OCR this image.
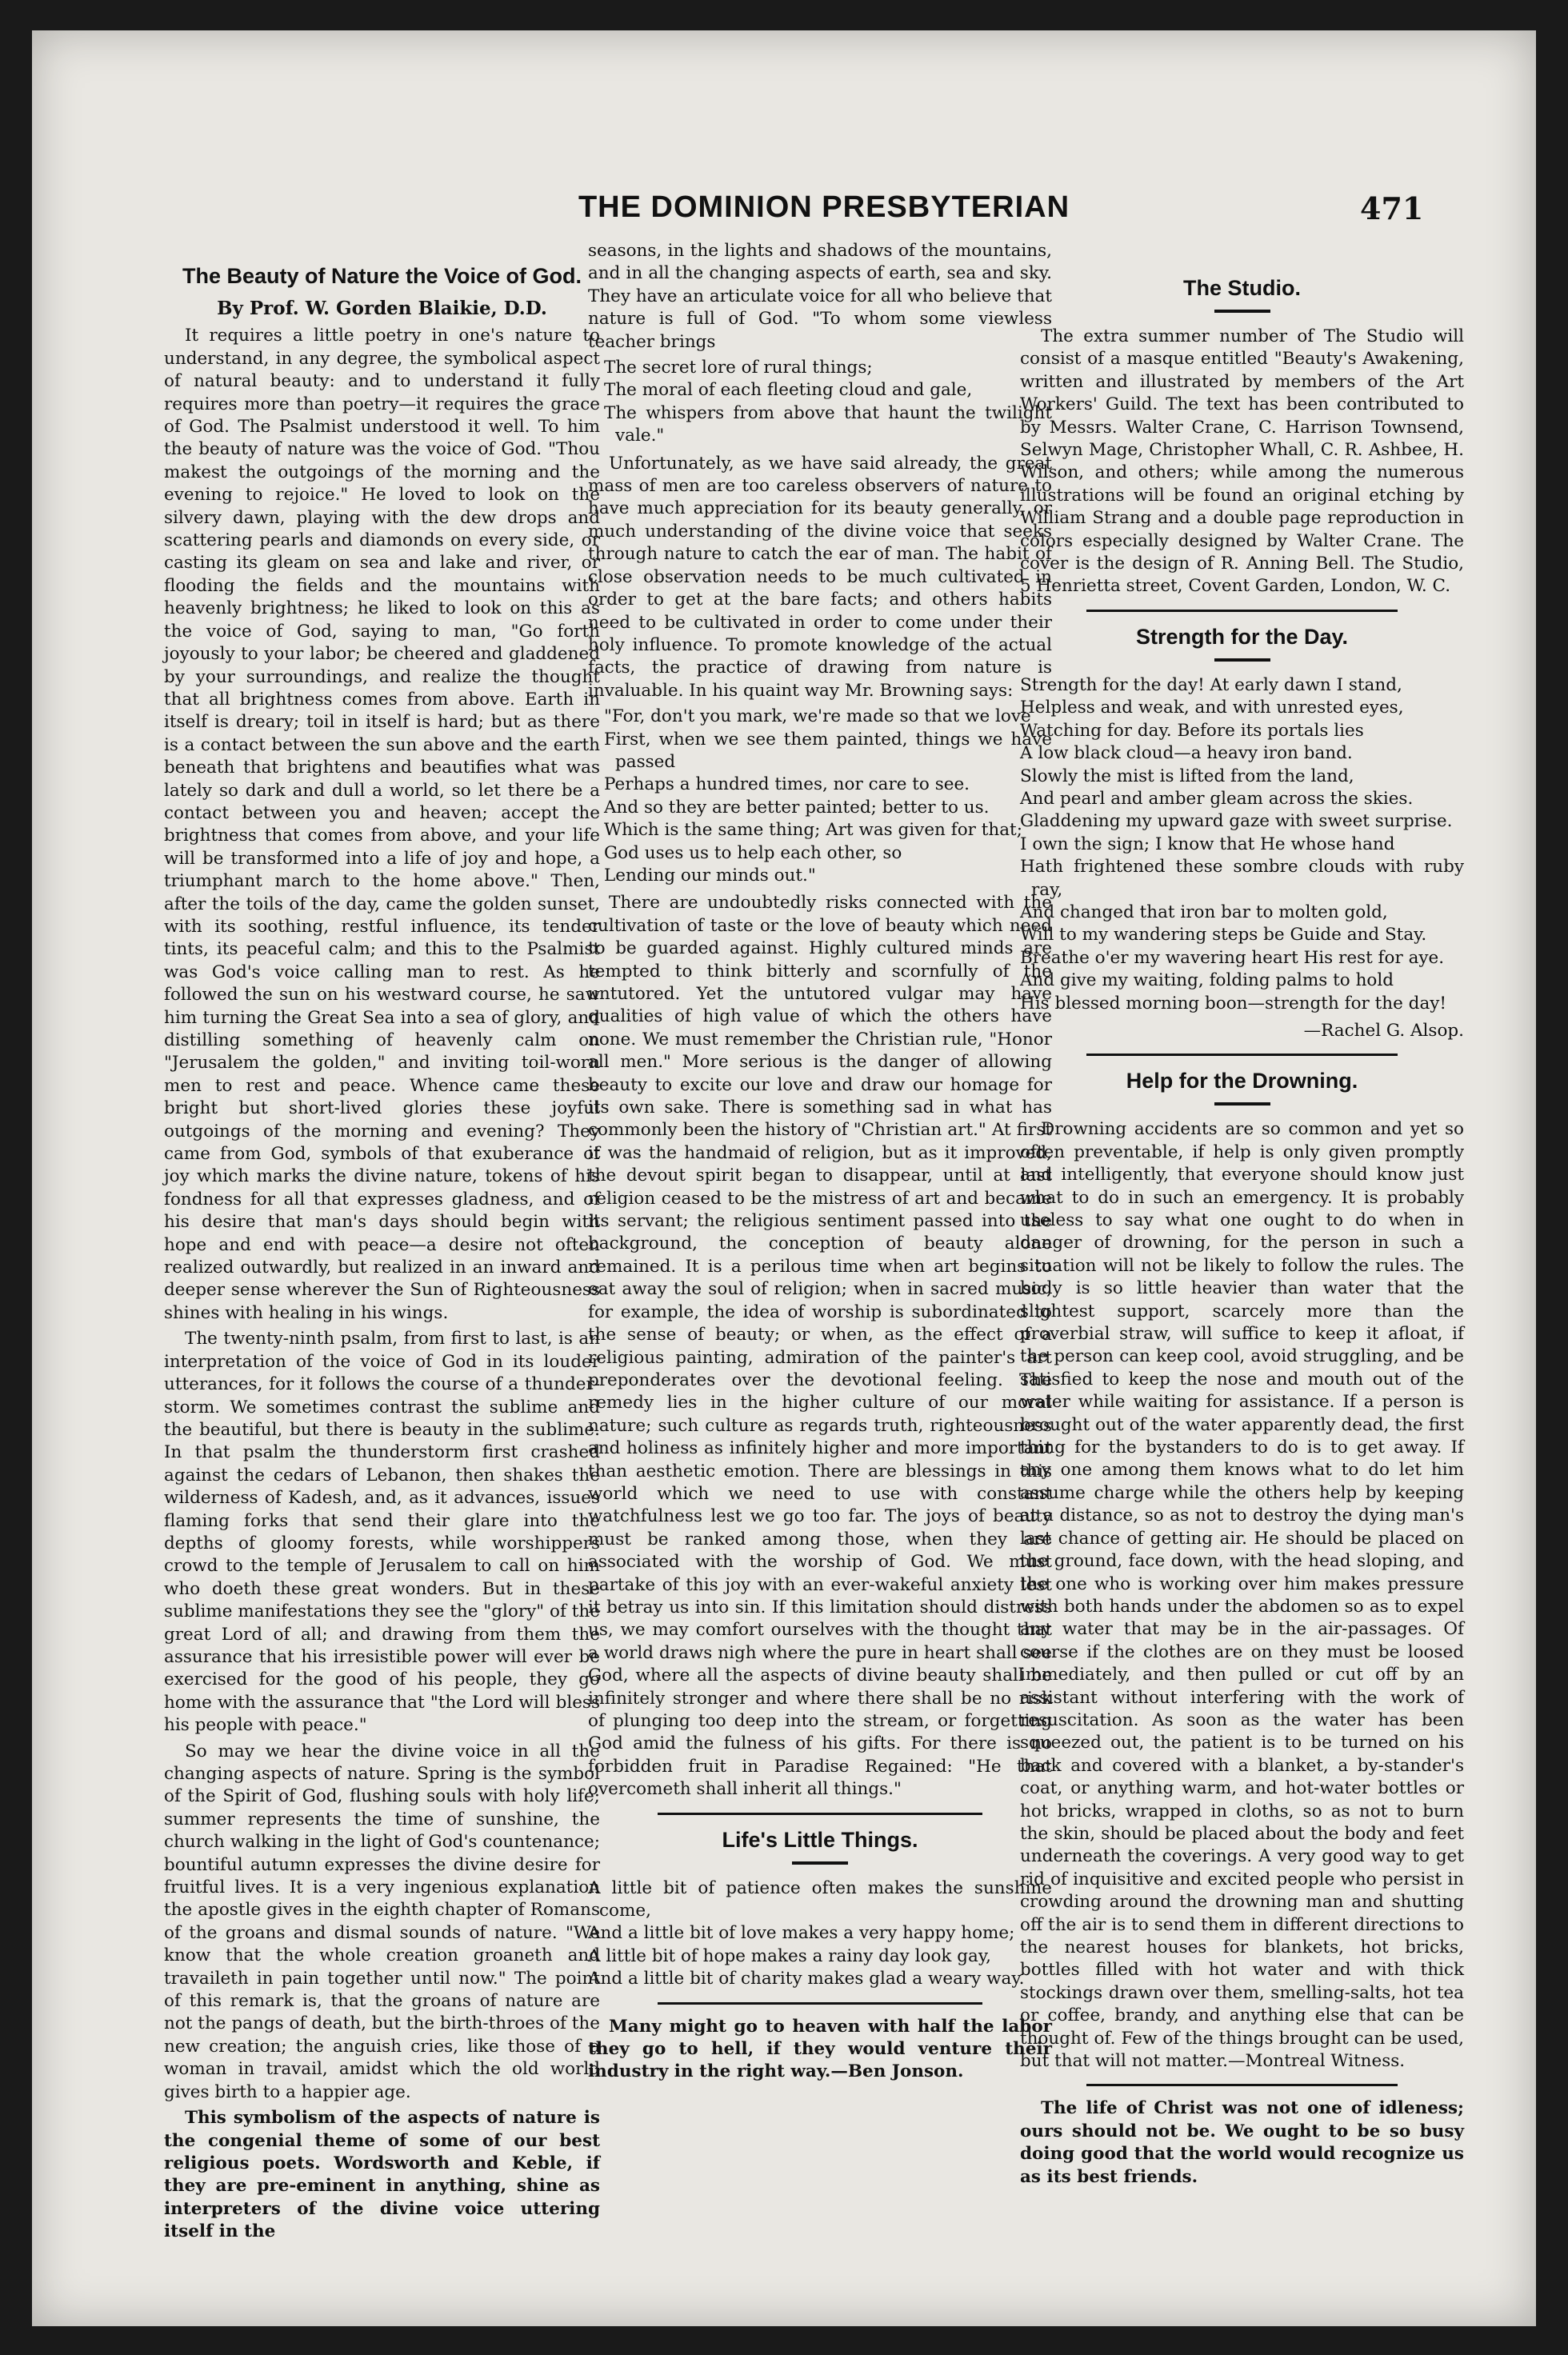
THE DOMINION PRESBYTERIAN	471
The Beauty of Nature the Voice of God.
By Prof. W. Gorden Blaikie, D.D.

It requires a little poetry in one's nature to understand, in any degree, the symbolical aspect of natural beauty: and to understand it fully requires more than poetry—it requires the grace of God. The Psalmist understood it well. To him the beauty of nature was the voice of God. "Thou makest the outgoings of the morning and the evening to rejoice." He loved to look on the silvery dawn, playing with the dew drops and scattering pearls and diamonds on every side, or casting its gleam on sea and lake and river, or flooding the fields and the mountains with heavenly brightness; he liked to look on this as the voice of God, saying to man, "Go forth joyously to your labor; be cheered and gladdened by your surroundings, and realize the thought that all brightness comes from above. Earth in itself is dreary; toil in itself is hard; but as there is a contact between the sun above and the earth beneath that brightens and beautifies what was lately so dark and dull a world, so let there be a contact between you and heaven; accept the brightness that comes from above, and your life will be transformed into a life of joy and hope, a triumphant march to the home above." Then, after the toils of the day, came the golden sunset, with its soothing, restful influence, its tender tints, its peaceful calm; and this to the Psalmist was God's voice calling man to rest. As he followed the sun on his westward course, he saw him turning the Great Sea into a sea of glory, and distilling something of heavenly calm on "Jerusalem the golden," and inviting toil-worn men to rest and peace. Whence came these bright but short-lived glories these joyful outgoings of the morning and evening? They came from God, symbols of that exuberance of joy which marks the divine nature, tokens of his fondness for all that expresses gladness, and of his desire that man's days should begin with hope and end with peace—a desire not often realized outwardly, but realized in an inward and deeper sense wherever the Sun of Righteousness shines with healing in his wings.

The twenty-ninth psalm, from first to last, is an interpretation of the voice of God in its louder utterances, for it follows the course of a thunder-storm. We sometimes contrast the sublime and the beautiful, but there is beauty in the sublime. In that psalm the thunderstorm first crashed against the cedars of Lebanon, then shakes the wilderness of Kadesh, and, as it advances, issues flaming forks that send their glare into the depths of gloomy forests, while worshippers crowd to the temple of Jerusalem to call on him who doeth these great wonders. But in these sublime manifestations they see the "glory" of the great Lord of all; and drawing from them the assurance that his irresistible power will ever be exercised for the good of his people, they go home with the assurance that "the Lord will bless his people with peace."

So may we hear the divine voice in all the changing aspects of nature. Spring is the symbol of the Spirit of God, flushing souls with holy life; summer represents the time of sunshine, the church walking in the light of God's countenance; bountiful autumn expresses the divine desire for fruitful lives. It is a very ingenious explanation the apostle gives in the eighth chapter of Romans of the groans and dismal sounds of nature. "We know that the whole creation groaneth and travaileth in pain together until now." The point of this remark is, that the groans of nature are not the pangs of death, but the birth-throes of the new creation; the anguish cries, like those of a woman in travail, amidst which the old world gives birth to a happier age.

This symbolism of the aspects of nature is the congenial theme of some of our best religious poets. Wordsworth and Keble, if they are pre-eminent in anything, shine as interpreters of the divine voice uttering itself in the

seasons, in the lights and shadows of the mountains, and in all the changing aspects of earth, sea and sky. They have an articulate voice for all who believe that nature is full of God. "To whom some viewless teacher brings

The secret lore of rural things;
The moral of each fleeting cloud and gale,
The whispers from above that haunt the twilight vale."

Unfortunately, as we have said already, the great mass of men are too careless observers of nature to have much appreciation for its beauty generally, or much understanding of the divine voice that seeks through nature to catch the ear of man. The habit of close observation needs to be much cultivated in order to get at the bare facts; and others habits need to be cultivated in order to come under their holy influence. To promote knowledge of the actual facts, the practice of drawing from nature is invaluable. In his quaint way Mr. Browning says:

"For, don't you mark, we're made so that we love
First, when we see them painted, things we have passed
Perhaps a hundred times, nor care to see.
And so they are better painted; better to us.
Which is the same thing; Art was given for that;
God uses us to help each other, so
Lending our minds out."

There are undoubtedly risks connected with the cultivation of taste or the love of beauty which need to be guarded against. Highly cultured minds are tempted to think bitterly and scornfully of the untutored. Yet the untutored vulgar may have qualities of high value of which the others have none. We must remember the Christian rule, "Honor all men." More serious is the danger of allowing beauty to excite our love and draw our homage for its own sake. There is something sad in what has commonly been the history of "Christian art." At first it was the handmaid of religion, but as it improved, the devout spirit began to disappear, until at last religion ceased to be the mistress of art and became its servant; the religious sentiment passed into the background, the conception of beauty alone remained. It is a perilous time when art begins to eat away the soul of religion; when in sacred music, for example, the idea of worship is subordinated to the sense of beauty; or when, as the effect of a religious painting, admiration of the painter's art preponderates over the devotional feeling. The remedy lies in the higher culture of our moral nature; such culture as regards truth, righteousness and holiness as infinitely higher and more important than aesthetic emotion. There are blessings in this world which we need to use with constant watchfulness lest we go too far. The joys of beauty must be ranked among those, when they are associated with the worship of God. We must partake of this joy with an ever-wakeful anxiety lest it betray us into sin. If this limitation should distress us, we may comfort ourselves with the thought that a world draws nigh where the pure in heart shall see God, where all the aspects of divine beauty shall be infinitely stronger and where there shall be no risk of plunging too deep into the stream, or forgetting God amid the fulness of his gifts. For there is no forbidden fruit in Paradise Regained: "He that overcometh shall inherit all things."

Life's Little Things.
A little bit of patience often makes the sunshine come,
And a little bit of love makes a very happy home;
A little bit of hope makes a rainy day look gay,
And a little bit of charity makes glad a weary way.

Many might go to heaven with half the labor they go to hell, if they would venture their industry in the right way.—Ben Jonson.

The Studio.

The extra summer number of The Studio will consist of a masque entitled "Beauty's Awakening, written and illustrated by members of the Art Workers' Guild. The text has been contributed to by Messrs. Walter Crane, C. Harrison Townsend, Selwyn Mage, Christopher Whall, C. R. Ashbee, H. Wilson, and others; while among the numerous illustrations will be found an original etching by William Strang and a double page reproduction in colors especially designed by Walter Crane. The cover is the design of R. Anning Bell. The Studio, 5 Henrietta street, Covent Garden, London, W. C.

Strength for the Day.
Strength for the day! At early dawn I stand,
Helpless and weak, and with unrested eyes,
Watching for day. Before its portals lies
A low black cloud—a heavy iron band.
Slowly the mist is lifted from the land,
And pearl and amber gleam across the skies.
Gladdening my upward gaze with sweet surprise.
I own the sign; I know that He whose hand
Hath frightened these sombre clouds with ruby ray,
And changed that iron bar to molten gold,
Will to my wandering steps be Guide and Stay.
Breathe o'er my wavering heart His rest for aye.
And give my waiting, folding palms to hold
His blessed morning boon—strength for the day!
—Rachel G. Alsop.
Help for the Drowning.

Drowning accidents are so common and yet so often preventable, if help is only given promptly and intelligently, that everyone should know just what to do in such an emergency. It is probably useless to say what one ought to do when in danger of drowning, for the person in such a situation will not be likely to follow the rules. The body is so little heavier than water that the slightest support, scarcely more than the proverbial straw, will suffice to keep it afloat, if the person can keep cool, avoid struggling, and be satisfied to keep the nose and mouth out of the water while waiting for assistance. If a person is brought out of the water apparently dead, the first thing for the bystanders to do is to get away. If any one among them knows what to do let him assume charge while the others help by keeping at a distance, so as not to destroy the dying man's last chance of getting air. He should be placed on the ground, face down, with the head sloping, and the one who is working over him makes pressure with both hands under the abdomen so as to expel any water that may be in the air-passages. Of course if the clothes are on they must be loosed immediately, and then pulled or cut off by an assistant without interfering with the work of resuscitation. As soon as the water has been squeezed out, the patient is to be turned on his back and covered with a blanket, a by-stander's coat, or anything warm, and hot-water bottles or hot bricks, wrapped in cloths, so as not to burn the skin, should be placed about the body and feet underneath the coverings. A very good way to get rid of inquisitive and excited people who persist in crowding around the drowning man and shutting off the air is to send them in different directions to the nearest houses for blankets, hot bricks, bottles filled with hot water and with thick stockings drawn over them, smelling-salts, hot tea or coffee, brandy, and anything else that can be thought of. Few of the things brought can be used, but that will not matter.—Montreal Witness.

The life of Christ was not one of idleness; ours should not be. We ought to be so busy doing good that the world would recognize us as its best friends.
